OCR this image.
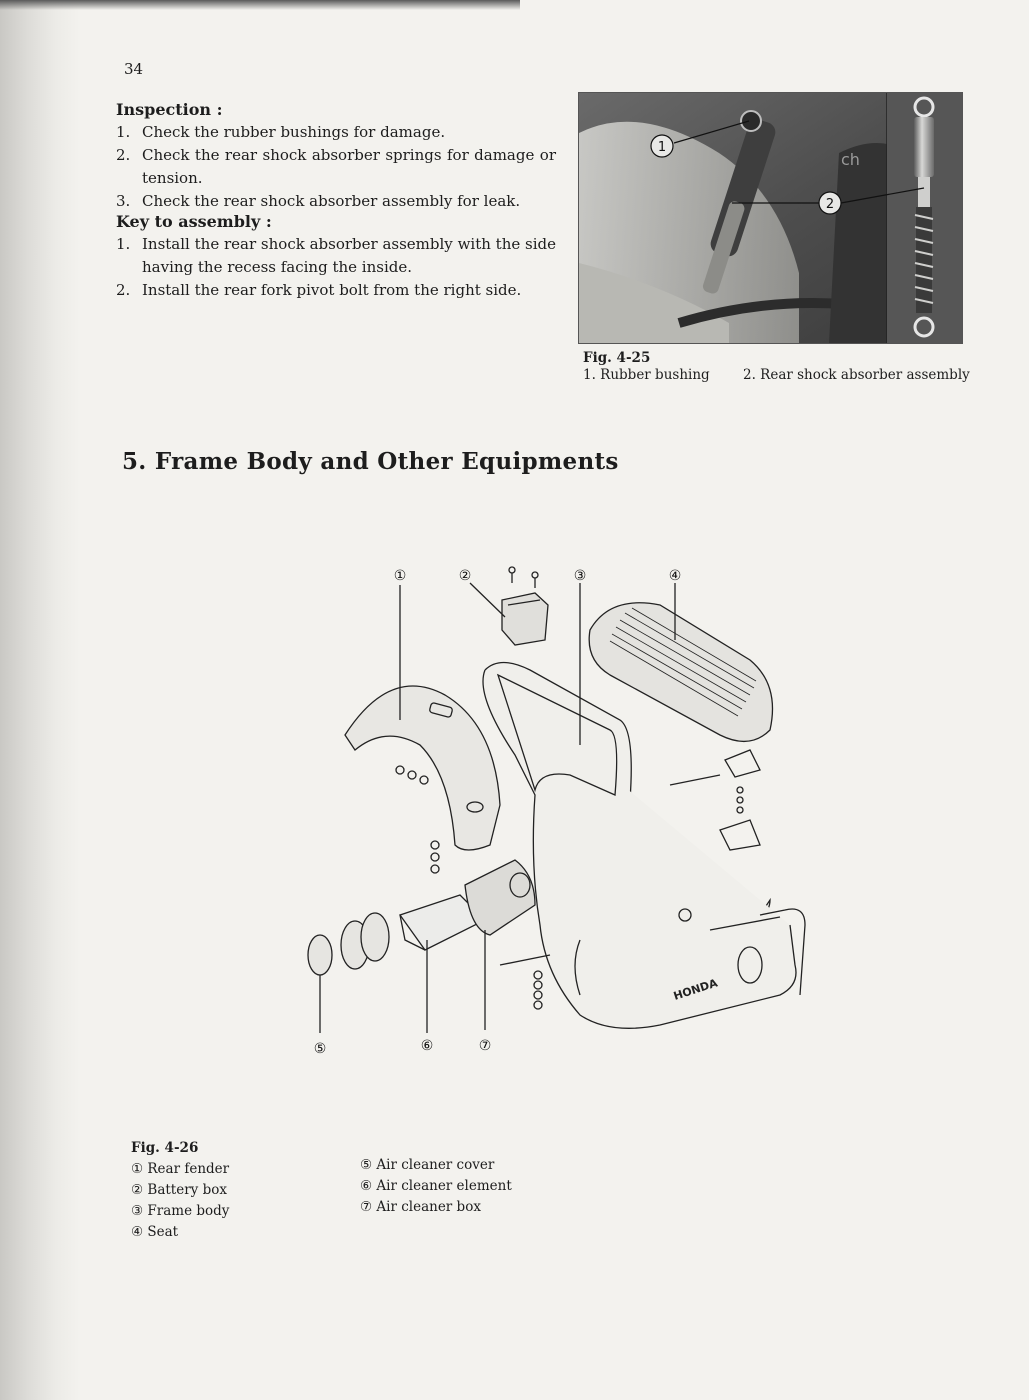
34
Inspection :
1. Check the rubber bushings for damage.
2. Check the rear shock absorber springs for damage or tension.
3. Check the rear shock absorber assembly for leak.
Key to assembly :
1. Install the rear shock absorber assembly with the side having the recess facing the inside.
2. Install the rear fork pivot bolt from the right side.
ch
1
2
Fig. 4-25
1. Rubber bushing 2. Rear shock absorber assembly
5. Frame Body and Other Equipments
HONDA
①	②	③	④
⑤	⑥	⑦
Fig. 4-26
① Rear fender
② Battery box
③ Frame body
④ Seat
⑤ Air cleaner cover
⑥ Air cleaner element
⑦ Air cleaner box
